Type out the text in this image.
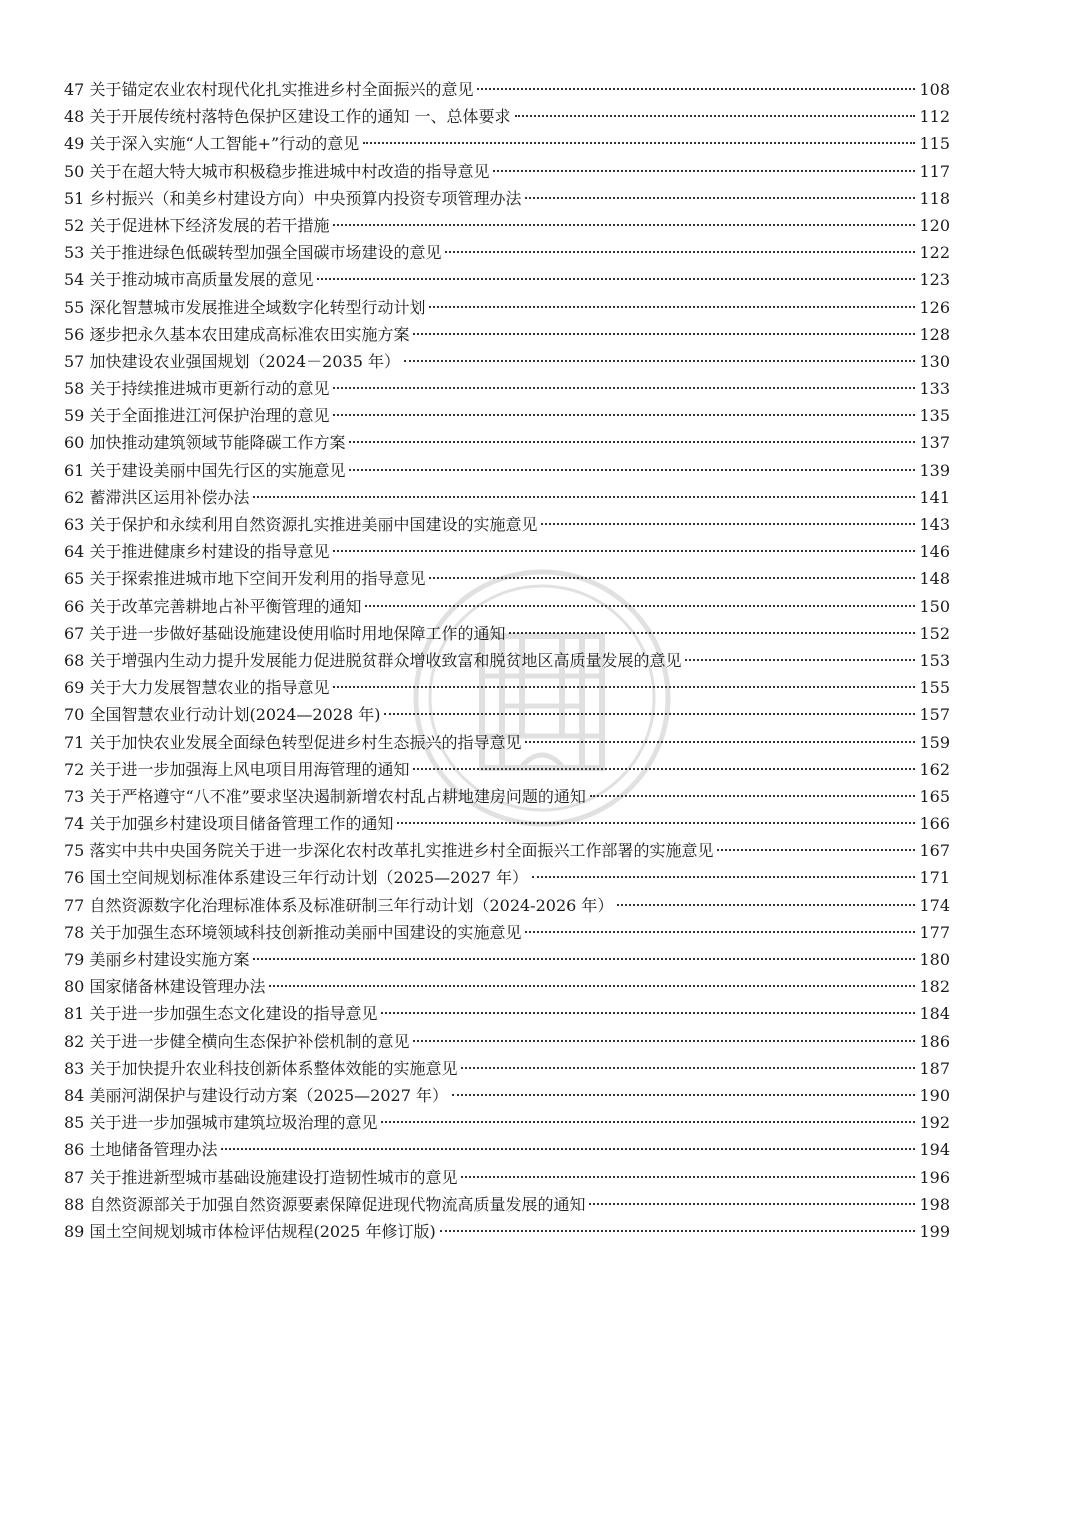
47 关于锚定农业农村现代化扎实推进乡村全面振兴的意见	108
48 关于开展传统村落特色保护区建设工作的通知 一、总体要求	112
49 关于深入实施“人工智能+”行动的意见	115
50 关于在超大特大城市积极稳步推进城中村改造的指导意见	117
51 乡村振兴（和美乡村建设方向）中央预算内投资专项管理办法	118
52 关于促进林下经济发展的若干措施	120
53 关于推进绿色低碳转型加强全国碳市场建设的意见	122
54 关于推动城市高质量发展的意见	123
55 深化智慧城市发展推进全域数字化转型行动计划	126
56 逐步把永久基本农田建成高标准农田实施方案	128
57 加快建设农业强国规划（2024－2035 年）	130
58 关于持续推进城市更新行动的意见	133
59 关于全面推进江河保护治理的意见	135
60 加快推动建筑领域节能降碳工作方案	137
61 关于建设美丽中国先行区的实施意见	139
62 蓄滞洪区运用补偿办法	141
63 关于保护和永续利用自然资源扎实推进美丽中国建设的实施意见	143
64 关于推进健康乡村建设的指导意见	146
65 关于探索推进城市地下空间开发利用的指导意见	148
66 关于改革完善耕地占补平衡管理的通知	150
67 关于进一步做好基础设施建设使用临时用地保障工作的通知	152
68 关于增强内生动力提升发展能力促进脱贫群众增收致富和脱贫地区高质量发展的意见	153
69 关于大力发展智慧农业的指导意见	155
70 全国智慧农业行动计划(2024—2028 年)	157
71 关于加快农业发展全面绿色转型促进乡村生态振兴的指导意见	159
72 关于进一步加强海上风电项目用海管理的通知	162
73 关于严格遵守“八不准”要求坚决遏制新增农村乱占耕地建房问题的通知	165
74 关于加强乡村建设项目储备管理工作的通知	166
75 落实中共中央国务院关于进一步深化农村改革扎实推进乡村全面振兴工作部署的实施意见	167
76 国土空间规划标准体系建设三年行动计划（2025—2027 年）	171
77 自然资源数字化治理标准体系及标准研制三年行动计划（2024-2026 年）	174
78 关于加强生态环境领域科技创新推动美丽中国建设的实施意见	177
79 美丽乡村建设实施方案	180
80 国家储备林建设管理办法	182
81 关于进一步加强生态文化建设的指导意见	184
82 关于进一步健全横向生态保护补偿机制的意见	186
83 关于加快提升农业科技创新体系整体效能的实施意见	187
84 美丽河湖保护与建设行动方案（2025—2027 年）	190
85 关于进一步加强城市建筑垃圾治理的意见	192
86 土地储备管理办法	194
87 关于推进新型城市基础设施建设打造韧性城市的意见	196
88 自然资源部关于加强自然资源要素保障促进现代物流高质量发展的通知	198
89 国土空间规划城市体检评估规程(2025 年修订版)	199
